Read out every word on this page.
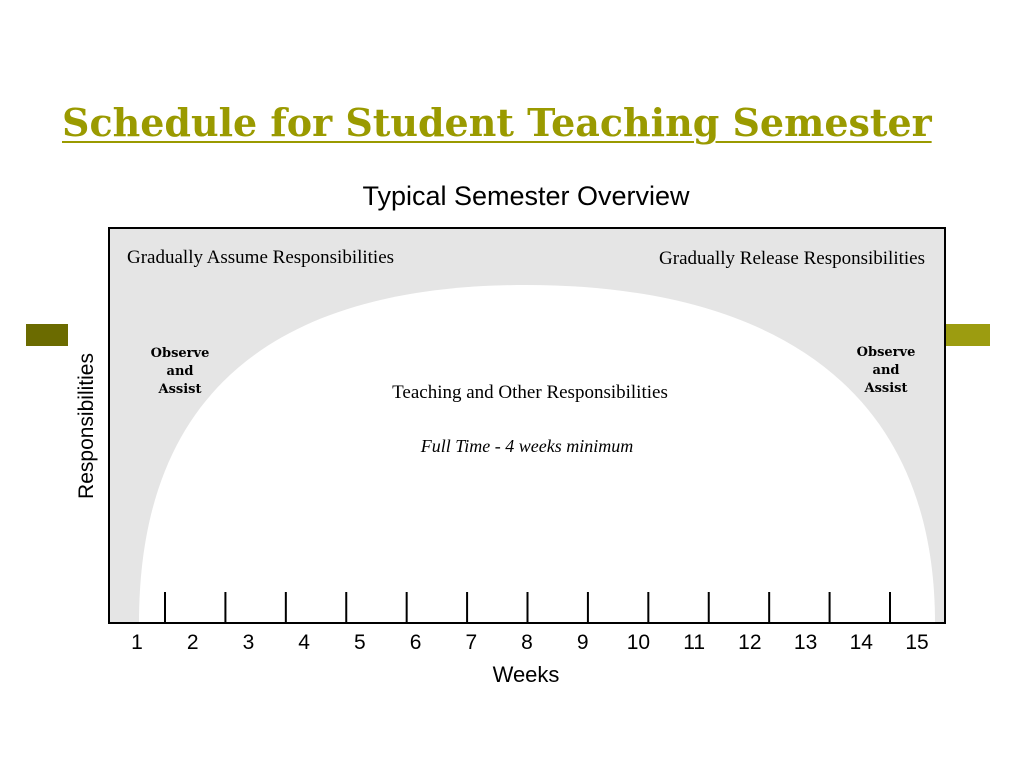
Schedule for Student Teaching Semester
Typical Semester Overview
1 2 3 4 5 6 7 8 9 10 11 12 13 14 15
Weeks
Responsibilities
Gradually Assume Responsibilities	Gradually Release Responsibilities
Observe
and
Assist
Observe
and
Assist
Teaching and Other Responsibilities
Full Time - 4 weeks minimum
